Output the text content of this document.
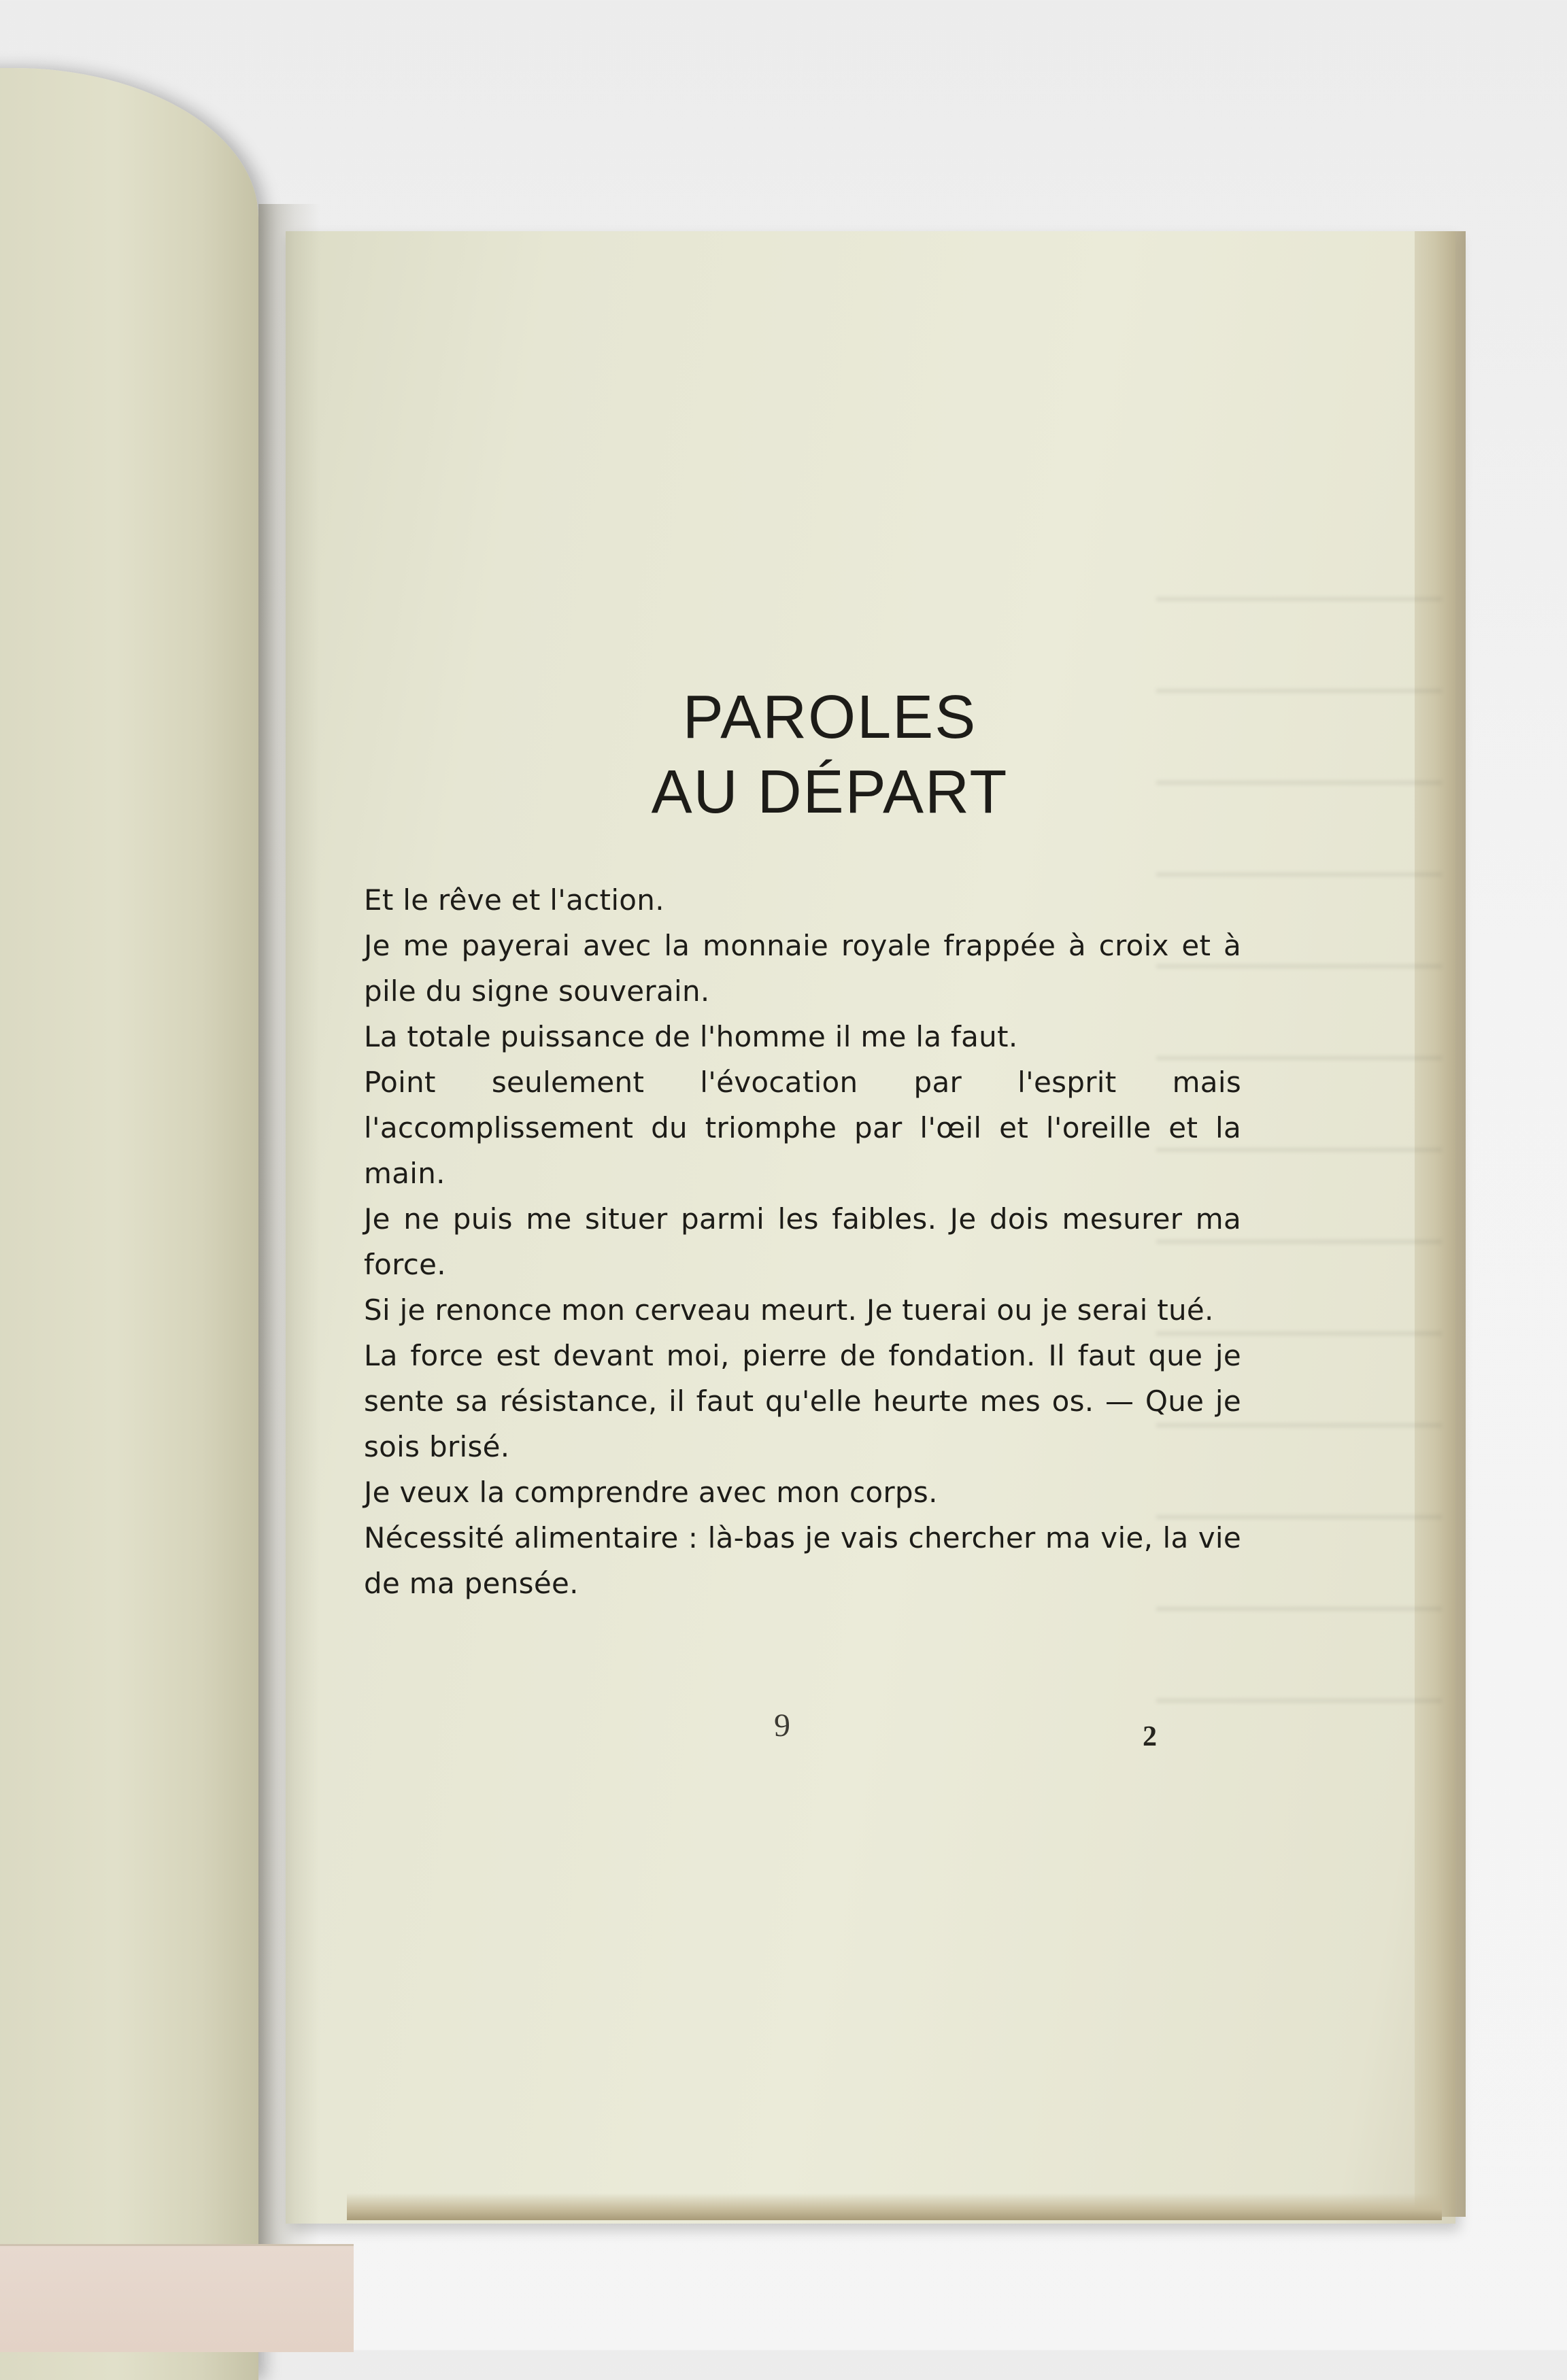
PAROLES
AU DÉPART

Et le rêve et l'action.

Je me payerai avec la monnaie royale frappée à croix et à pile du signe souverain.

La totale puissance de l'homme il me la faut.

Point seulement l'évocation par l'esprit mais l'accomplissement du triomphe par l'œil et l'oreille et la main.

Je ne puis me situer parmi les faibles. Je dois mesurer ma force.

Si je renonce mon cerveau meurt. Je tuerai ou je serai tué.

La force est devant moi, pierre de fondation. Il faut que je sente sa résistance, il faut qu'elle heurte mes os. — Que je sois brisé.

Je veux la comprendre avec mon corps.

Nécessité alimentaire : là-bas je vais chercher ma vie, la vie de ma pensée.

9	2
